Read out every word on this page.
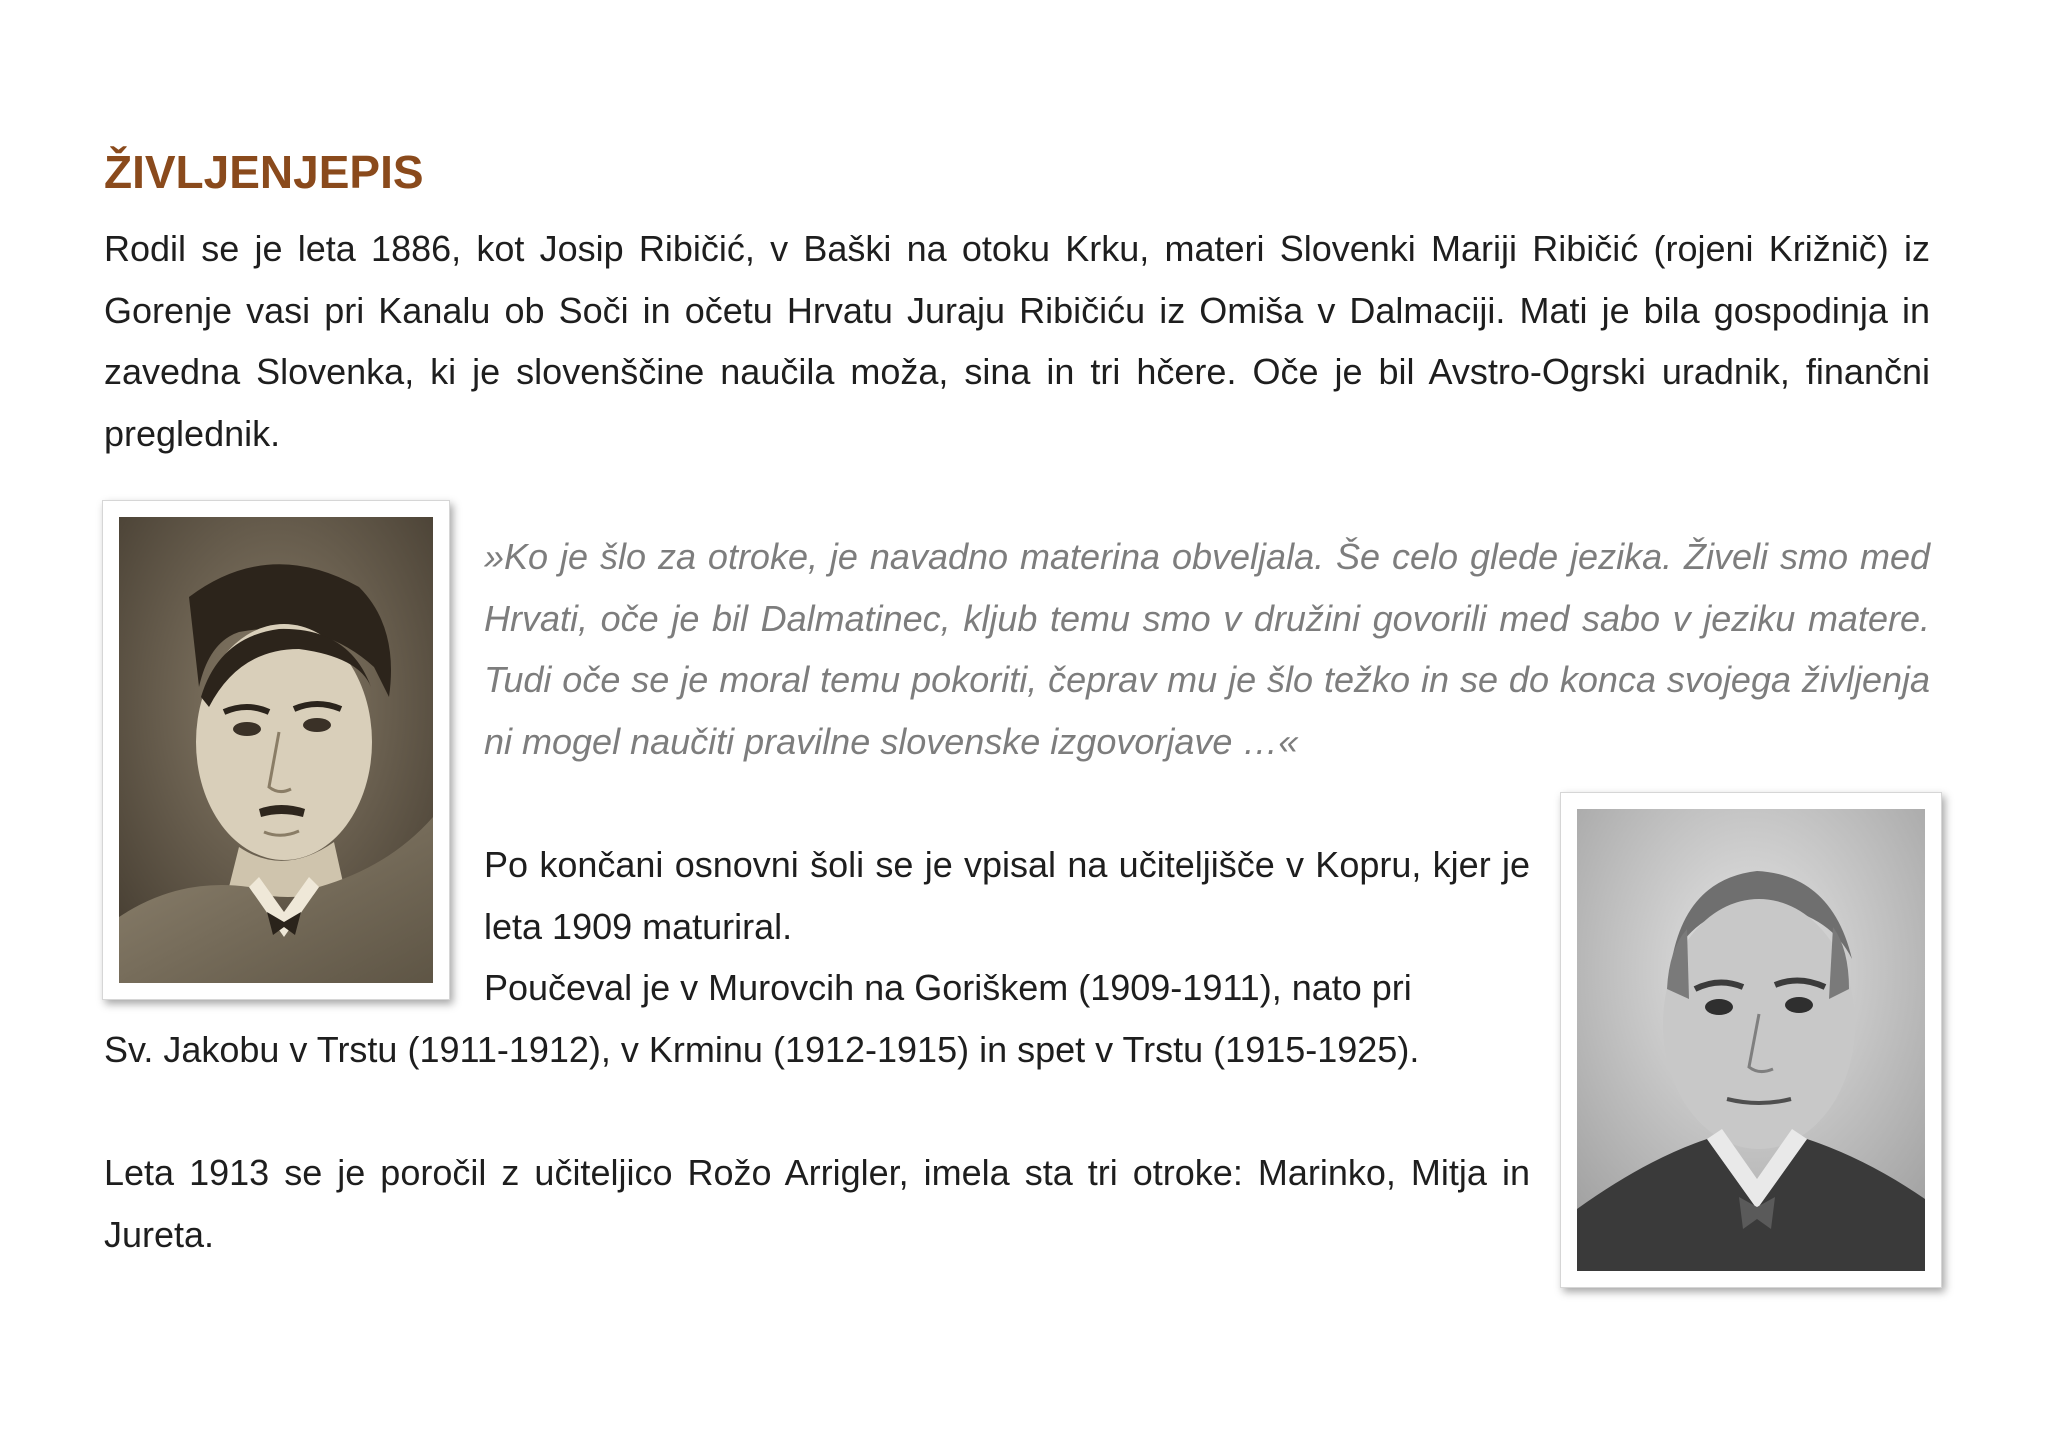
ŽIVLJENJEPIS

Rodil se je leta 1886, kot Josip Ribičić, v Baški na otoku Krku, materi Slovenki Mariji Ribičić (rojeni Križnič) iz Gorenje vasi pri Kanalu ob Soči in očetu Hrvatu Juraju Ribičiću iz Omiša v Dalmaciji. Mati je bila gospodinja in zavedna Slovenka, ki je slovenščine naučila moža, sina in tri hčere. Oče je bil Avstro-Ogrski uradnik, finančni preglednik.

»Ko je šlo za otroke, je navadno materina obveljala. Še celo glede jezika. Živeli smo med Hrvati, oče je bil Dalmatinec, kljub temu smo v družini govorili med sabo v jeziku matere. Tudi oče se je moral temu pokoriti, čeprav mu je šlo težko in se do konca svojega življenja ni mogel naučiti pravilne slovenske izgovorjave …«

Po končani osnovni šoli se je vpisal na učiteljišče v Kopru, kjer je leta 1909 maturiral.

Poučeval je v Murovcih na Goriškem (1909-1911), nato pri

Sv. Jakobu v Trstu (1911-1912), v Krminu (1912-1915) in spet v Trstu (1915-1925).

Leta 1913 se je poročil z učiteljico Rožo Arrigler, imela sta tri otroke: Marinko, Mitja in Jureta.
